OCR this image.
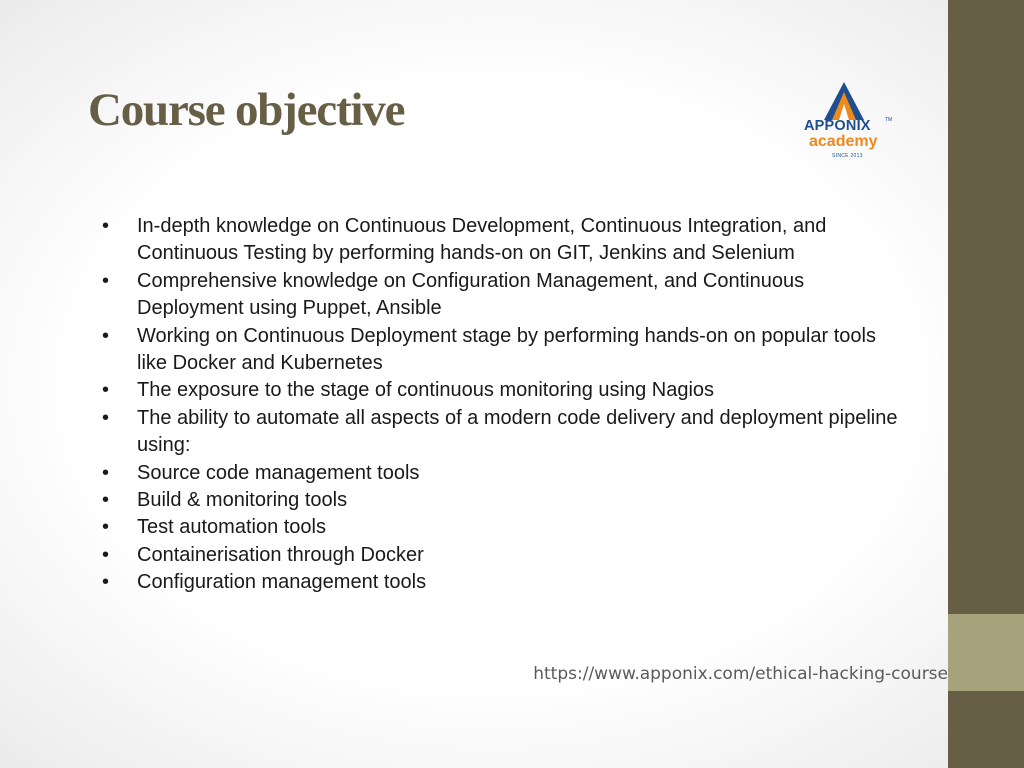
Course objective	APPONIX	TM
academy
SINCE 2013
• In-depth knowledge on Continuous Development, Continuous Integration, and Continuous Testing by performing hands-on on GIT, Jenkins and Selenium
• Comprehensive knowledge on Configuration Management, and Continuous Deployment using Puppet, Ansible
• Working on Continuous Deployment stage by performing hands-on on popular tools like Docker and Kubernetes
• The exposure to the stage of continuous monitoring using Nagios
• The ability to automate all aspects of a modern code delivery and deployment pipeline using:
• Source code management tools
• Build & monitoring tools
• Test automation tools
• Containerisation through Docker
• Configuration management tools
https://www.apponix.com/ethical-hacking-course
